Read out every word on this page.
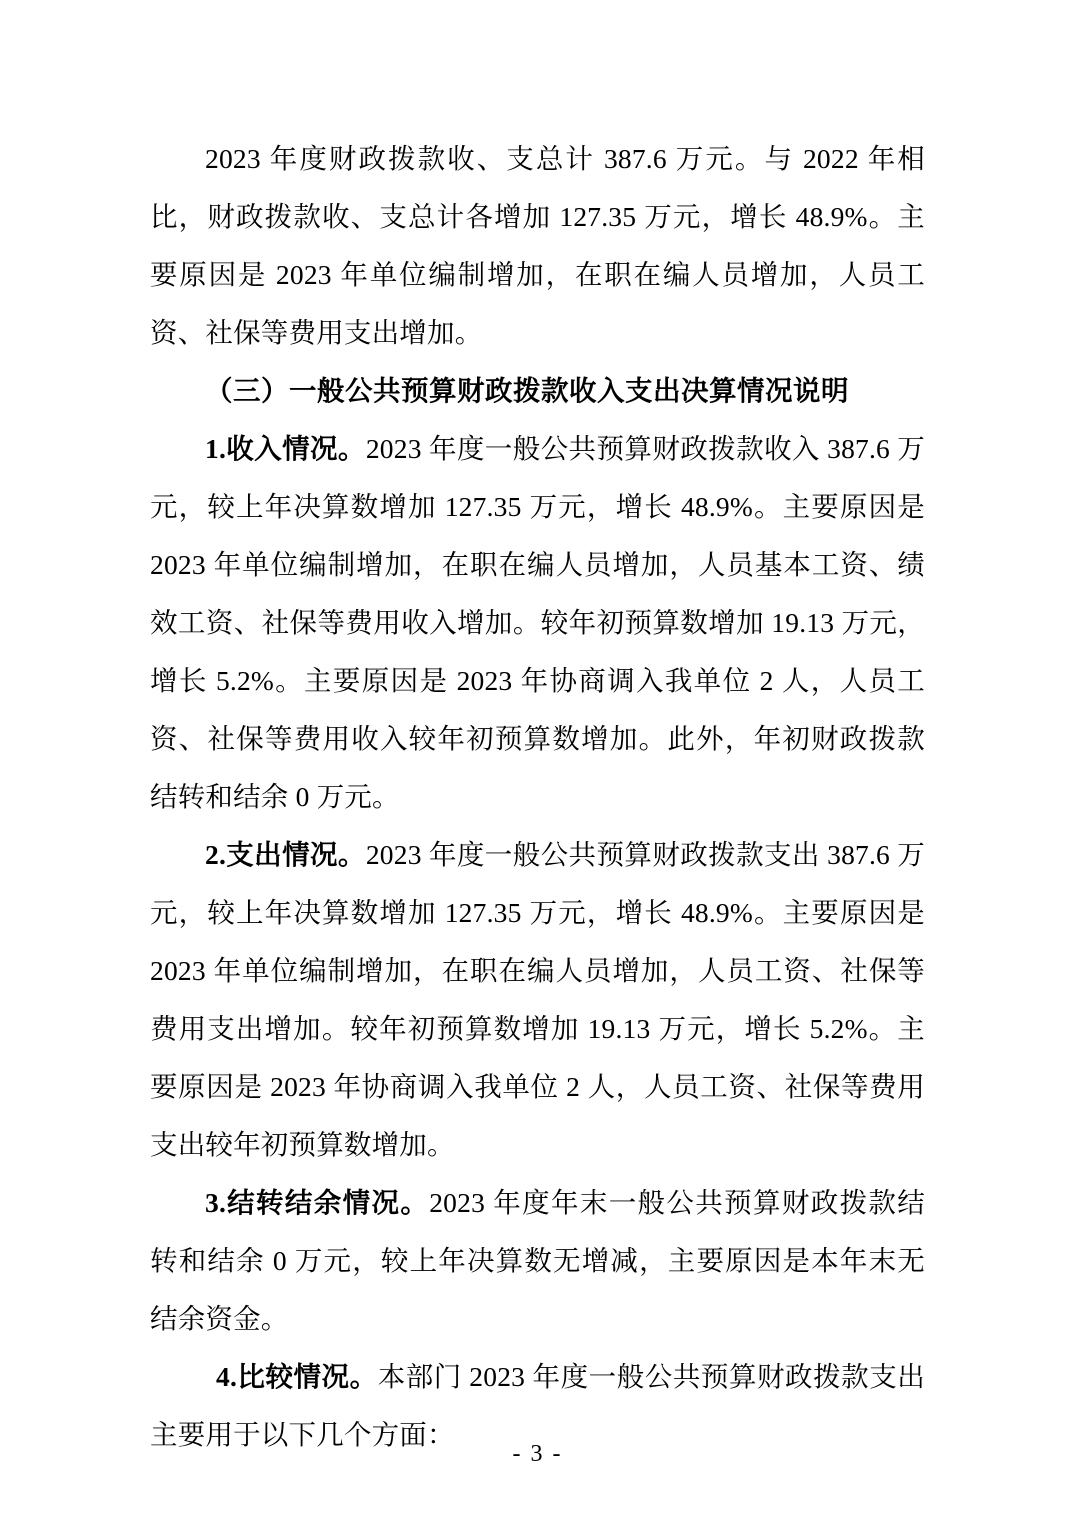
2023 年度财政拨款收、支总计 387.6 万元。与 2022 年相比，财政拨款收、支总计各增加 127.35 万元，增长 48.9%。主要原因是 2023 年单位编制增加，在职在编人员增加，人员工资、社保等费用支出增加。

（三）一般公共预算财政拨款收入支出决算情况说明

1.收入情况。2023 年度一般公共预算财政拨款收入 387.6 万元，较上年决算数增加 127.35 万元，增长 48.9%。主要原因是 2023 年单位编制增加，在职在编人员增加，人员基本工资、绩效工资、社保等费用收入增加。较年初预算数增加 19.13 万元，增长 5.2%。主要原因是 2023 年协商调入我单位 2 人，人员工资、社保等费用收入较年初预算数增加。此外，年初财政拨款结转和结余 0 万元。

2.支出情况。2023 年度一般公共预算财政拨款支出 387.6 万元，较上年决算数增加 127.35 万元，增长 48.9%。主要原因是 2023 年单位编制增加，在职在编人员增加，人员工资、社保等费用支出增加。较年初预算数增加 19.13 万元，增长 5.2%。主要原因是 2023 年协商调入我单位 2 人，人员工资、社保等费用支出较年初预算数增加。

3.结转结余情况。2023 年度年末一般公共预算财政拨款结转和结余 0 万元，较上年决算数无增减，主要原因是本年末无结余资金。

4.比较情况。本部门 2023 年度一般公共预算财政拨款支出主要用于以下几个方面：

- 3 -
